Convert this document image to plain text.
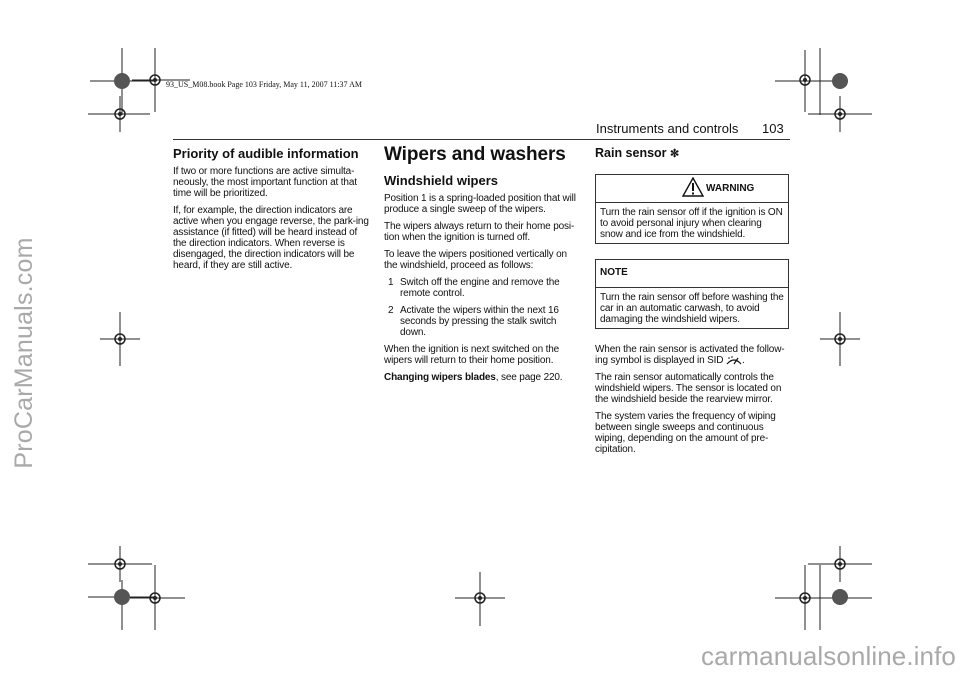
ProCarManuals.com
carmanualsonline.info
93_US_M08.book Page 103 Friday, May 11, 2007 11:37 AM
Instruments and controls 103
Priority of audible information

If two or more functions are active simulta-neously, the most important function at that time will be prioritized.

If, for example, the direction indicators are active when you engage reverse, the park-ing assistance (if fitted) will be heard instead of the direction indicators. When reverse is disengaged, the direction indicators will be heard, if they are still active.

Wipers and washers
Windshield wipers

Position 1 is a spring-loaded position that will produce a single sweep of the wipers.

The wipers always return to their home posi-tion when the ignition is turned off.

To leave the wipers positioned vertically on the windshield, proceed as follows:

1 Switch off the engine and remove the remote control.
2 Activate the wipers within the next 16 seconds by pressing the stalk switch down.

When the ignition is next switched on the wipers will return to their home position.

Changing wipers blades, see page 220.

Rain sensor ✼
WARNING
Turn the rain sensor off if the ignition is ON to avoid personal injury when clearing snow and ice from the windshield.
NOTE
Turn the rain sensor off before washing the car in an automatic carwash, to avoid damaging the windshield wipers.

When the rain sensor is activated the follow-ing symbol is displayed in SID .

The rain sensor automatically controls the windshield wipers. The sensor is located on the windshield beside the rearview mirror.

The system varies the frequency of wiping between single sweeps and continuous wiping, depending on the amount of pre-cipitation.
